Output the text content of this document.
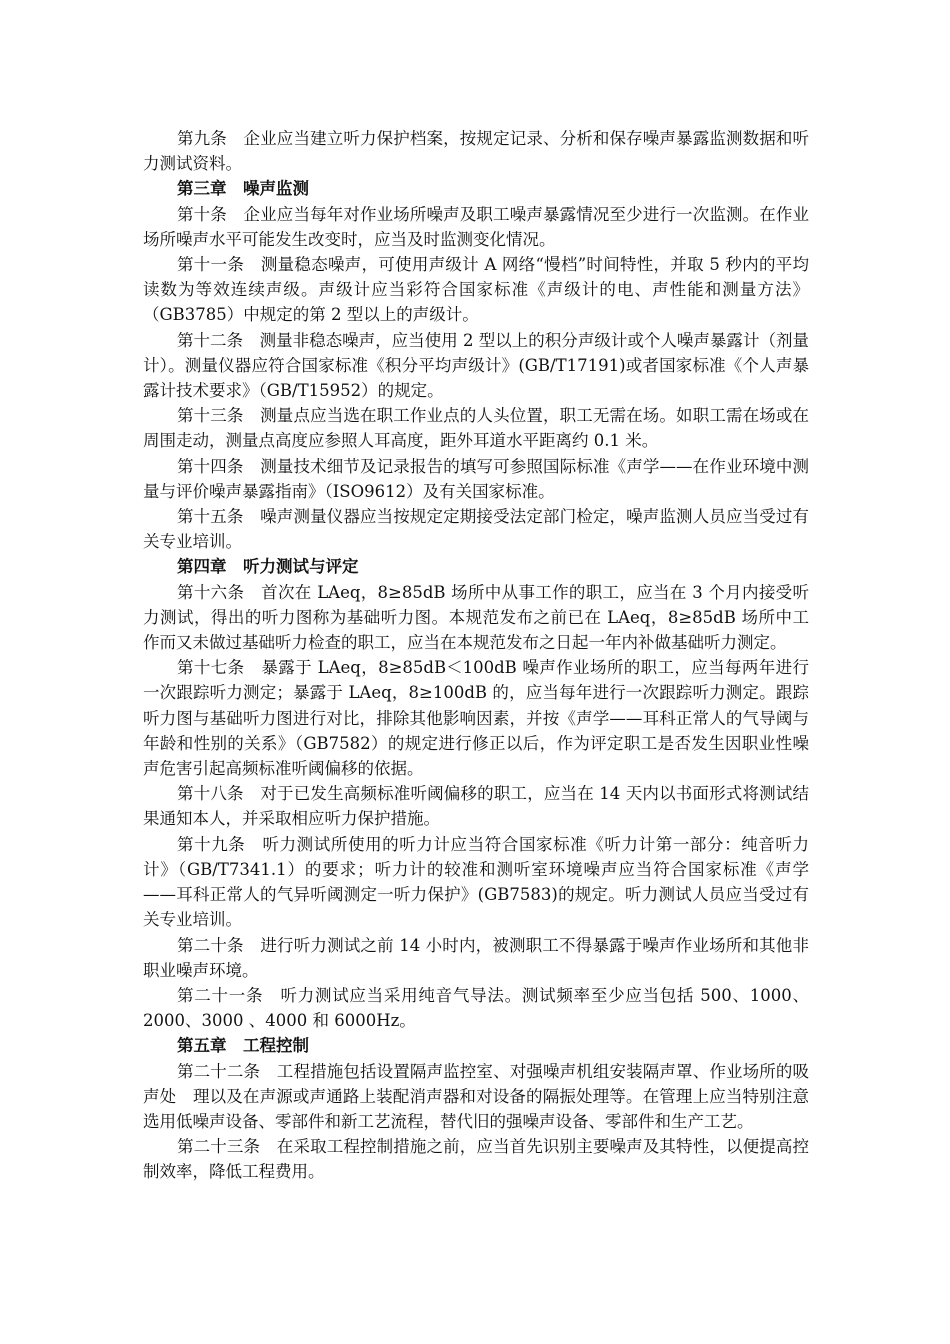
第九条　企业应当建立听力保护档案，按规定记录、分析和保存噪声暴露监测数据和听力测试资料。

第三章　噪声监测

第十条　企业应当每年对作业场所噪声及职工噪声暴露情况至少进行一次监测。在作业场所噪声水平可能发生改变时，应当及时监测变化情况。

第十一条　测量稳态噪声，可使用声级计 A 网络“慢档”时间特性，并取 5 秒内的平均读数为等效连续声级。声级计应当彩符合国家标准《声级计的电、声性能和测量方法》（GB3785）中规定的第 2 型以上的声级计。

第十二条　测量非稳态噪声，应当使用 2 型以上的积分声级计或个人噪声暴露计（剂量计）。测量仪器应符合国家标准《积分平均声级计》(GB/T17191)或者国家标准《个人声暴露计技术要求》（GB/T15952）的规定。

第十三条　测量点应当选在职工作业点的人头位置，职工无需在场。如职工需在场或在周围走动，测量点高度应参照人耳高度，距外耳道水平距离约 0.1 米。

第十四条　测量技术细节及记录报告的填写可参照国际标准《声学——在作业环境中测量与评价噪声暴露指南》（ISO9612）及有关国家标准。

第十五条　噪声测量仪器应当按规定定期接受法定部门检定，噪声监测人员应当受过有关专业培训。

第四章　听力测试与评定

第十六条　首次在 LAeq，8≥85dB 场所中从事工作的职工，应当在 3 个月内接受听力测试，得出的听力图称为基础听力图。本规范发布之前已在 LAeq，8≥85dB 场所中工作而又未做过基础听力检查的职工，应当在本规范发布之日起一年内补做基础听力测定。

第十七条　暴露于 LAeq，8≥85dB＜100dB 噪声作业场所的职工，应当每两年进行一次跟踪听力测定；暴露于 LAeq，8≥100dB 的，应当每年进行一次跟踪听力测定。跟踪听力图与基础听力图进行对比，排除其他影响因素，并按《声学——耳科正常人的气导阈与年龄和性别的关系》（GB7582）的规定进行修正以后，作为评定职工是否发生因职业性噪声危害引起高频标准听阈偏移的依据。

第十八条　对于已发生高频标准听阈偏移的职工，应当在 14 天内以书面形式将测试结果通知本人，并采取相应听力保护措施。

第十九条　听力测试所使用的听力计应当符合国家标准《听力计第一部分：纯音听力计》（GB/T7341.1）的要求；听力计的较准和测听室环境噪声应当符合国家标准《声学——耳科正常人的气异听阈测定一听力保护》(GB7583)的规定。听力测试人员应当受过有关专业培训。

第二十条　进行听力测试之前 14 小时内，被测职工不得暴露于噪声作业场所和其他非职业噪声环境。

第二十一条　听力测试应当采用纯音气导法。测试频率至少应当包括 500、1000、2000、3000 、4000 和 6000Hz。

第五章　工程控制

第二十二条　工程措施包括设置隔声监控室、对强噪声机组安装隔声罩、作业场所的吸声处　理以及在声源或声通路上装配消声器和对设备的隔振处理等。在管理上应当特别注意选用低噪声设备、零部件和新工艺流程，替代旧的强噪声设备、零部件和生产工艺。

第二十三条　在采取工程控制措施之前，应当首先识别主要噪声及其特性，以便提高控制效率，降低工程费用。
